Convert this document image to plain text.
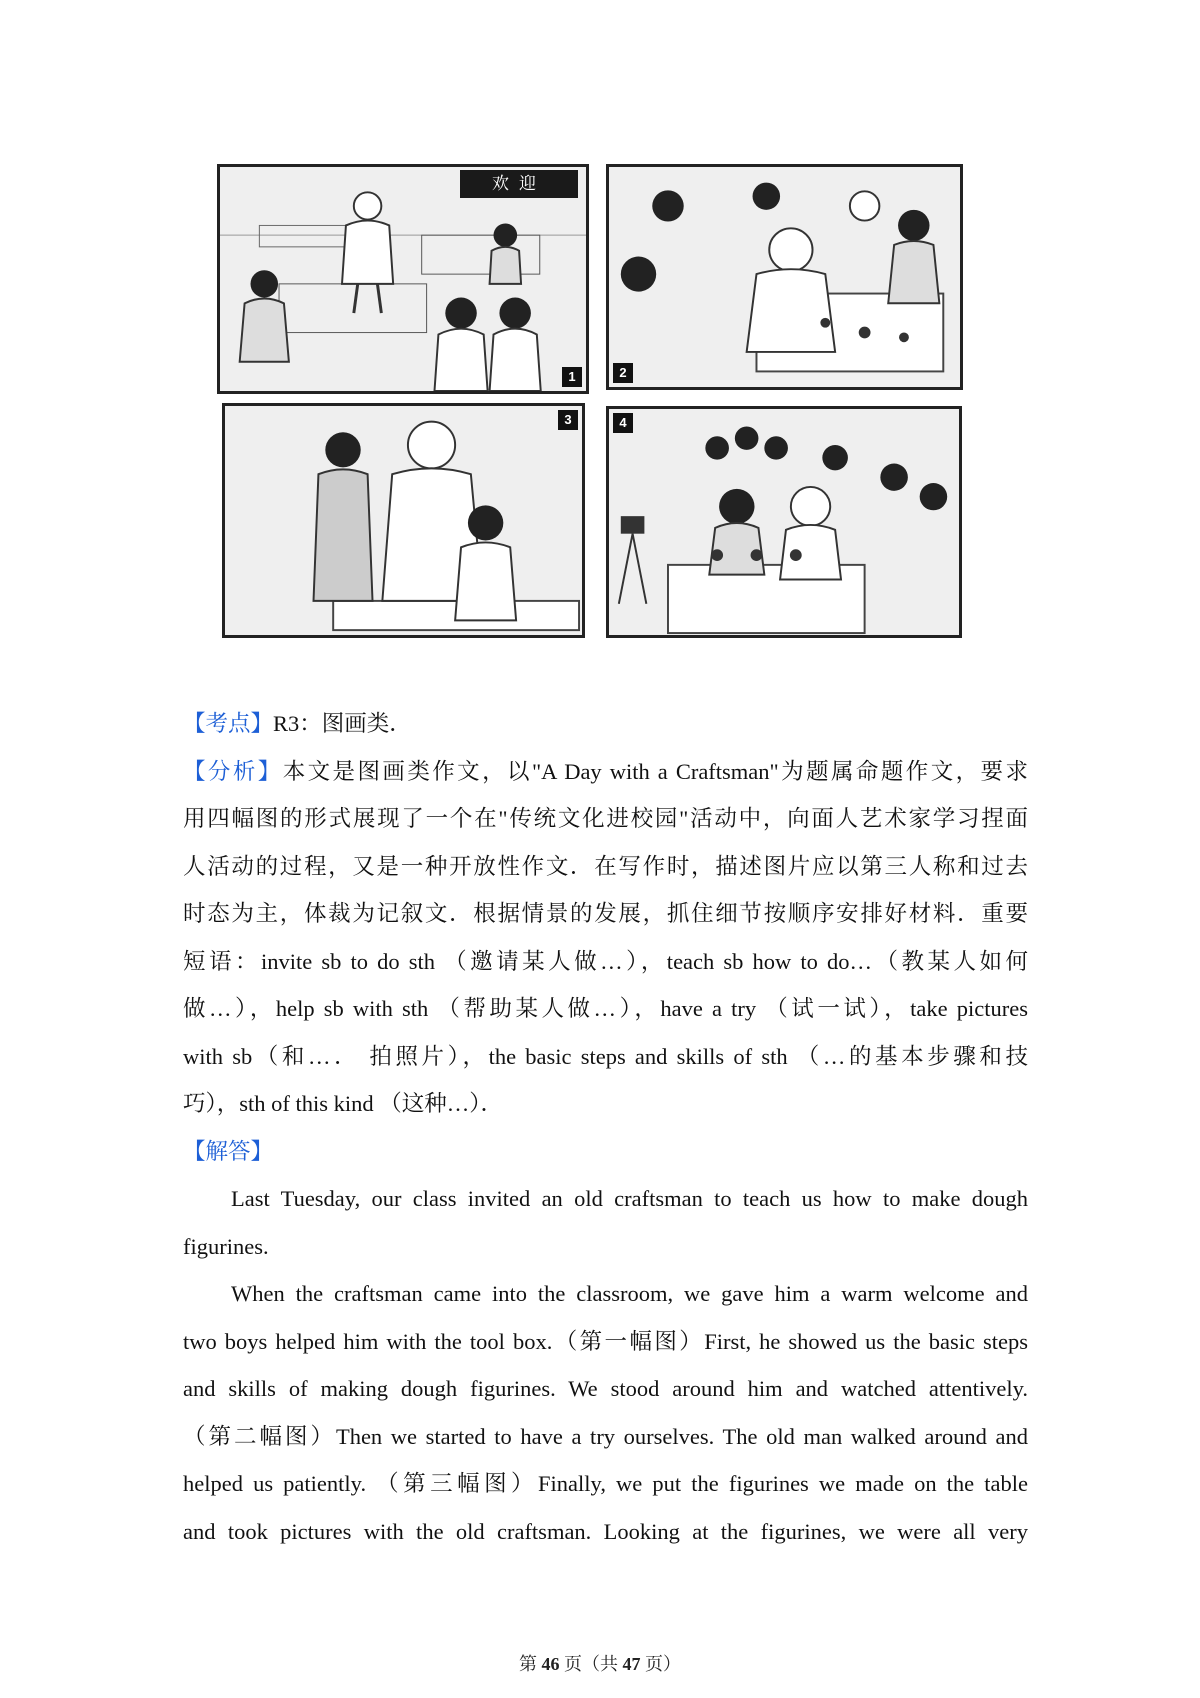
欢迎
1	2
3	4
【考点】R3：图画类．
【分析】本文是图画类作文，以"A Day with a Craftsman"为题属命题作文，要求
用四幅图的形式展现了一个在"传统文化进校园"活动中，向面人艺术家学习捏面
人活动的过程，又是一种开放性作文．在写作时，描述图片应以第三人称和过去
时态为主，体裁为记叙文．根据情景的发展，抓住细节按顺序安排好材料．重要
短语：invite sb to do sth （邀请某人做…），teach sb how to do…（教某人如何
做…），help sb with sth （帮助某人做…），have a try （试一试），take pictures
with sb（和…． 拍照片），the basic steps and skills of sth （…的基本步骤和技
巧），sth of this kind （这种…）．
【解答】
Last Tuesday, our class invited an old craftsman to teach us how to make dough
figurines.
When the craftsman came into the classroom, we gave him a warm welcome and
two boys helped him with the tool box.（第一幅图）First, he showed us the basic steps
and skills of making dough figurines. We stood around him and watched attentively.
（第二幅图）Then we started to have a try ourselves. The old man walked around and
helped us patiently. （第三幅图）Finally, we put the figurines we made on the table
and took pictures with the old craftsman. Looking at the figurines, we were all very
第 46 页（共 47 页）
